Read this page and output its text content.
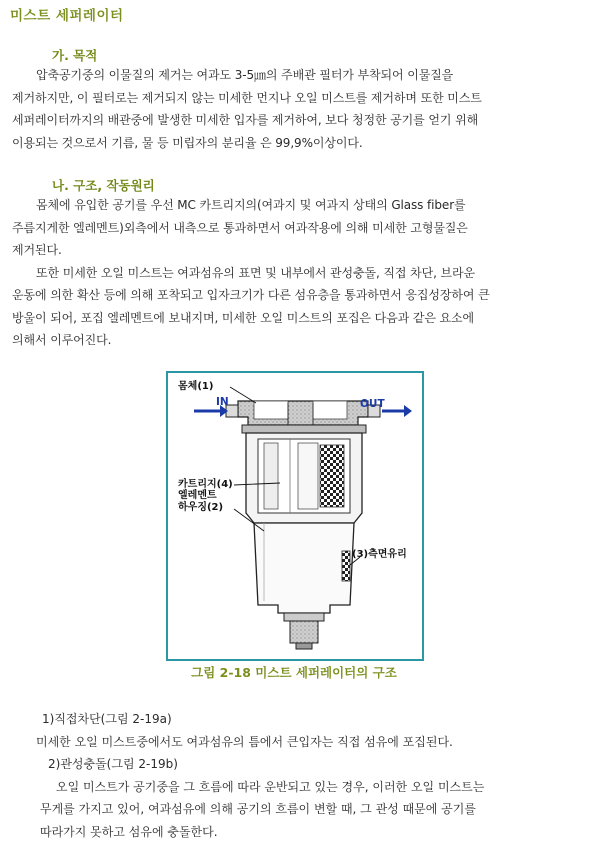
미스트 세퍼레이터
가. 목적

압축공기중의 이물질의 제거는 여과도 3-5㎛의 주배관 필터가 부착되어 이물질을

제거하지만, 이 필터로는 제거되지 않는 미세한 먼지나 오일 미스트를 제거하며 또한 미스트

세퍼레이터까지의 배관중에 발생한 미세한 입자를 제거하여, 보다 청정한 공기를 얻기 위해

이용되는 것으로서 기름, 물 등 미립자의 분리율 은 99,9%이상이다.

나. 구조, 작동원리

몸체에 유입한 공기를 우선 MC 카트리지의(여과지 및 여과지 상태의 Glass fiber를

주름지게한 엘레멘트)외측에서 내측으로 통과하면서 여과작용에 의해 미세한 고형물질은

제거된다.

또한 미세한 오일 미스트는 여과섬유의 표면 및 내부에서 관성충돌, 직접 차단, 브라운

운동에 의한 확산 등에 의해 포착되고 입자크기가 다른 섬유층을 통과하면서 응집성장하여 큰

방울이 되어, 포집 엘레멘트에 보내지며, 미세한 오일 미스트의 포집은 다음과 같은 요소에

의해서 이루어진다.

몸체(1)
IN	OUT
카트리지(4)
엘레멘트
하우징(2)
(3)측면유리
그림 2-18 미스트 세퍼레이터의 구조

1)직접차단(그림 2-19a)

미세한 오일 미스트중에서도 여과섬유의 틈에서 큰입자는 직접 섬유에 포집된다.

2)관성충돌(그림 2-19b)

오일 미스트가 공기중을 그 흐름에 따라 운반되고 있는 경우, 이러한 오일 미스트는

무게를 가지고 있어, 여과섬유에 의해 공기의 흐름이 변할 때, 그 관성 때문에 공기를

따라가지 못하고 섬유에 충돌한다.
